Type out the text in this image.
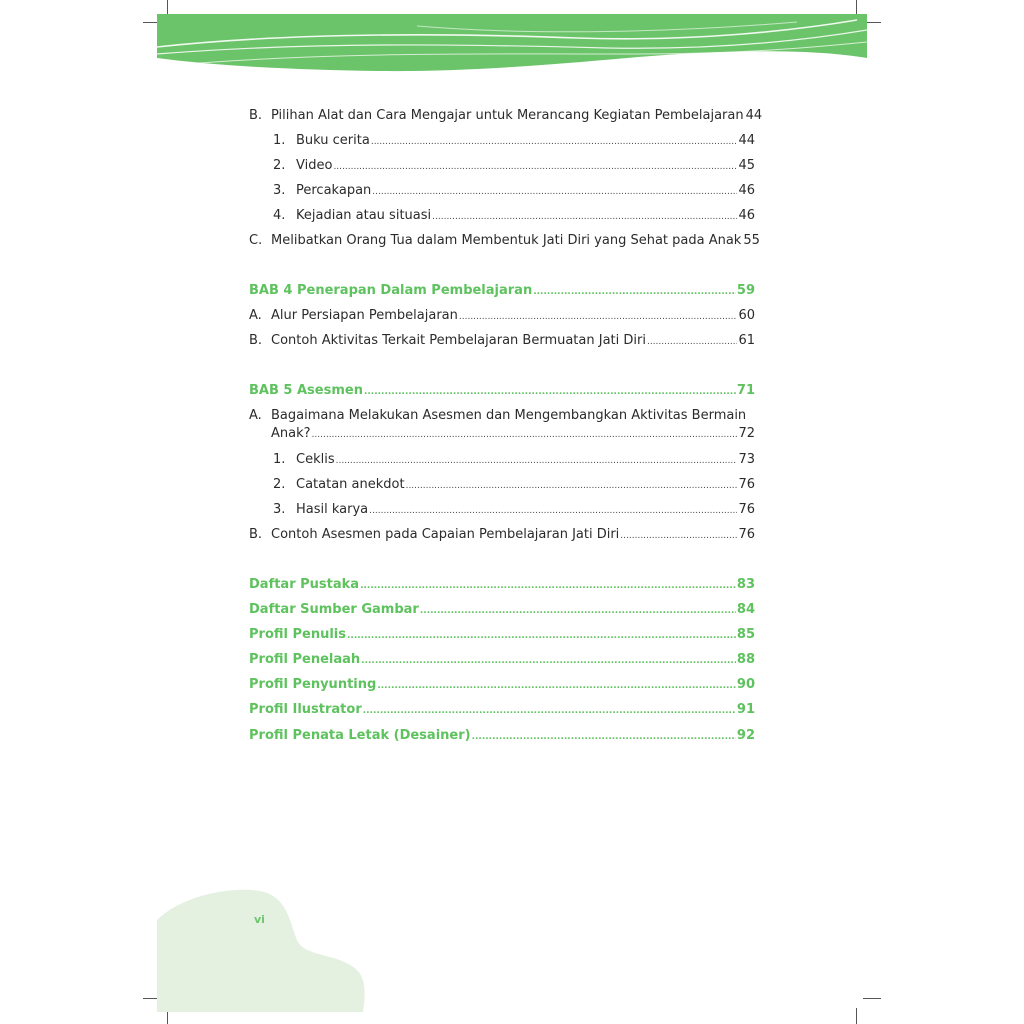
B. Pilihan Alat dan Cara Mengajar untuk Merancang Kegiatan Pembelajaran 44
1. Buku cerita .....	44
2. Video .....	45
3. Percakapan .....	46
4. Kejadian atau situasi .....	46
C. Melibatkan Orang Tua dalam Membentuk Jati Diri yang Sehat pada Anak 55
BAB 4 Penerapan Dalam Pembelajaran .....	59
A. Alur Persiapan Pembelajaran .....	60
B. Contoh Aktivitas Terkait Pembelajaran Bermuatan Jati Diri .....	61
BAB 5 Asesmen .....	71
A. Bagaimana Melakukan Asesmen dan Mengembangkan Aktivitas Bermain
Anak? .....	72
1. Ceklis .....	73
2. Catatan anekdot .....	76
3. Hasil karya .....	76
B. Contoh Asesmen pada Capaian Pembelajaran Jati Diri .....	76
Daftar Pustaka .....	83
Daftar Sumber Gambar .....	84
Profil Penulis .....	85
Profil Penelaah .....	88
Profil Penyunting .....	90
Profil Ilustrator .....	91
Profil Penata Letak (Desainer) .....	92
vi
